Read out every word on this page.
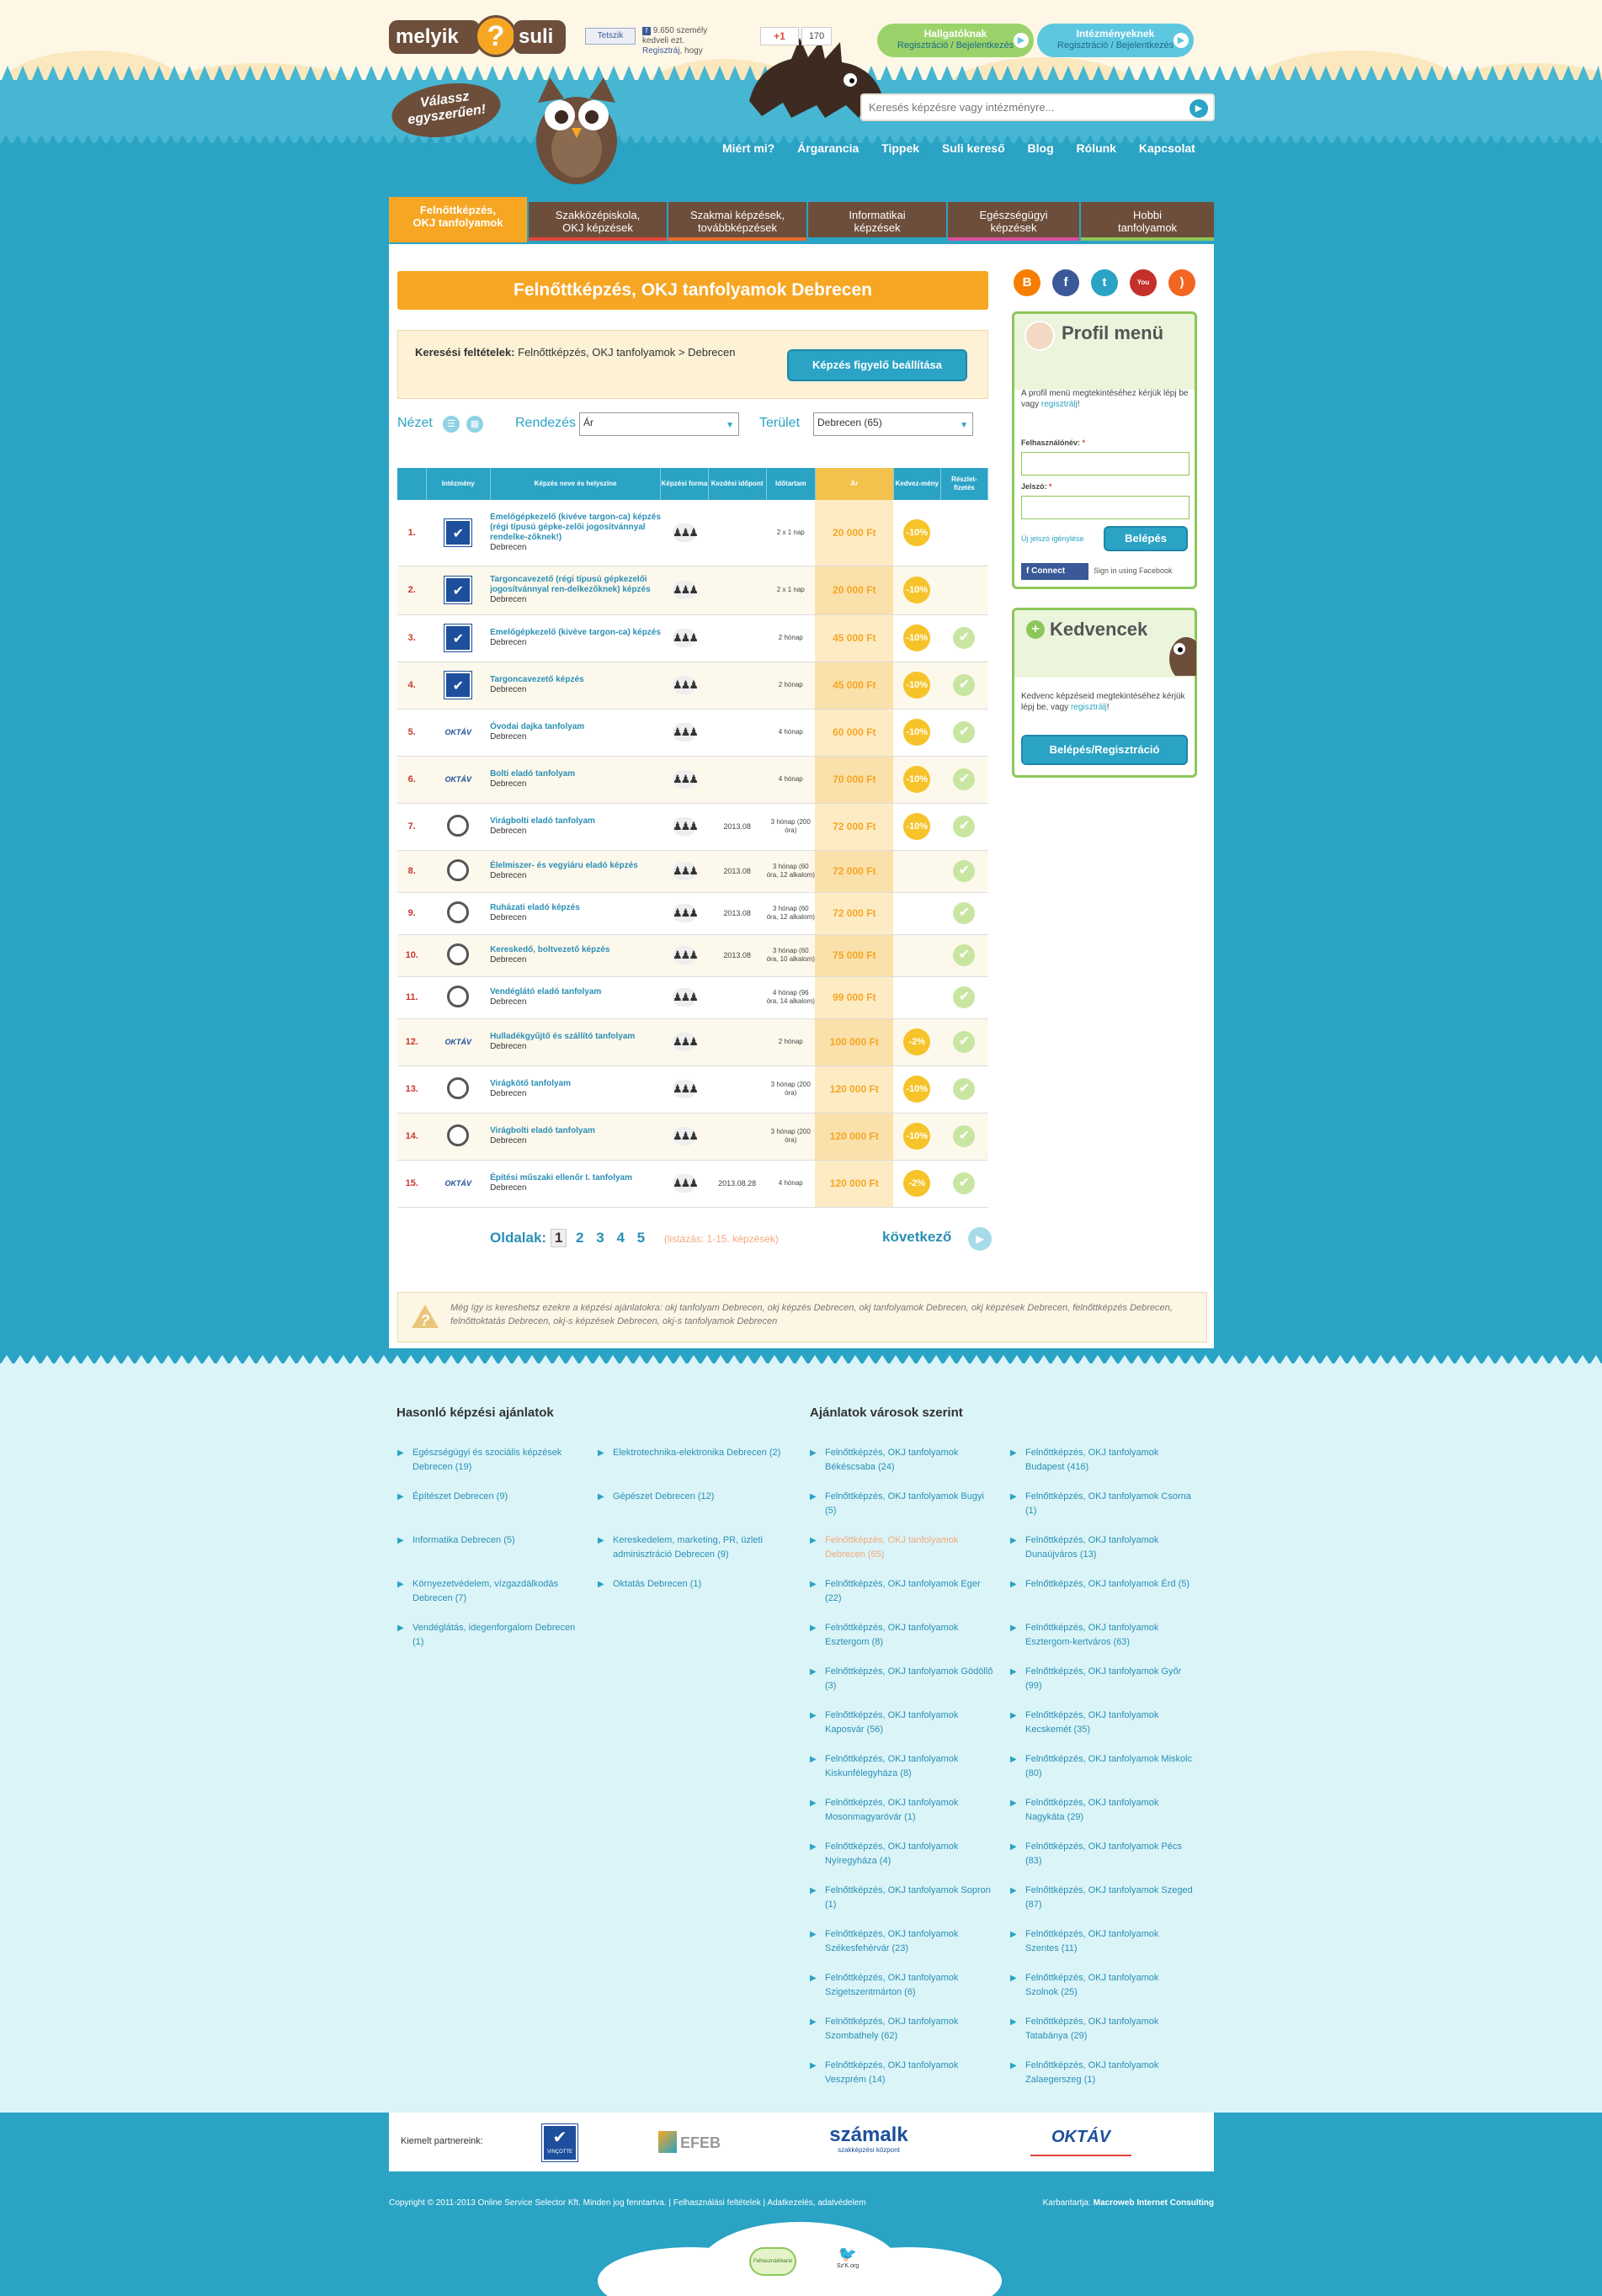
melyik ? suli
Válassz egyszerűen!
Tetszik
f 9.650 személy kedveli ezt.
Regisztráj, hogy
+1	170	Hallgatóknak
Regisztráció / Bejelentkezés ▶
Intézményeknek
Regisztráció / Bejelentkezés ▶
Keresés képzésre vagy intézményre...
▶
Miért mi? Árgarancia Tippek Suli kereső Blog Rólunk Kapcsolat
Felnőttképzés,
OKJ tanfolyamok
Szakközépiskola,
OKJ képzések
Szakmai képzések,
továbbképzések
Informatikai
képzések
Egészségügyi
képzések
Hobbi
tanfolyamok
Felnőttképzés, OKJ tanfolyamok Debrecen
Keresési feltételek: Felnőttképzés, OKJ tanfolyamok > Debrecen
Képzés figyelő beállítása
Nézet	☰	▦	Rendezés Ár	▼ Terület	Debrecen (65)	▼
	Intézmény	Képzés neve és helyszíne	Képzési forma	Kezdési időpont	Időtartam	Ár	Kedvez-mény	Részlet-fizetés
1.	✔	Emelőgépkezelő (kivéve targon-ca) képzés (régi típusú gépke-zelői jogosítvánnyal rendelke-zőknek!)
Debrecen	♟♟♟		2 x 1 nap	20 000 Ft	-10%	
2.	✔	Targoncavezető (régi típusú gépkezelői jogosítvánnyal ren-delkezőknek) képzés
Debrecen	♟♟♟		2 x 1 nap	20 000 Ft	-10%	
3.	✔	Emelőgépkezelő (kivéve targon-ca) képzés
Debrecen	♟♟♟		2 hónap	45 000 Ft	-10%	✔
4.	✔	Targoncavezető képzés
Debrecen	♟♟♟		2 hónap	45 000 Ft	-10%	✔
5.	OKTÁV	Óvodai dajka tanfolyam
Debrecen	♟♟♟		4 hónap	60 000 Ft	-10%	✔
6.	OKTÁV	Bolti eladó tanfolyam
Debrecen	♟♟♟		4 hónap	70 000 Ft	-10%	✔
7.		Virágbolti eladó tanfolyam
Debrecen	♟♟♟	2013.08	3 hónap (200 óra)	72 000 Ft	-10%	✔
8.		Élelmiszer- és vegyiáru eladó képzés
Debrecen	♟♟♟	2013.08	3 hónap (60 óra, 12 alkalom)	72 000 Ft		✔
9.		Ruházati eladó képzés
Debrecen	♟♟♟	2013.08	3 hónap (60 óra, 12 alkalom)	72 000 Ft		✔
10.		Kereskedő, boltvezető képzés
Debrecen	♟♟♟	2013.08	3 hónap (60 óra, 10 alkalom)	75 000 Ft		✔
11.		Vendéglátó eladó tanfolyam
Debrecen	♟♟♟		4 hónap (96 óra, 14 alkalom)	99 000 Ft		✔
12.	OKTÁV	Hulladékgyűjtő és szállító tanfolyam
Debrecen	♟♟♟		2 hónap	100 000 Ft	-2%	✔
13.		Virágkötő tanfolyam
Debrecen	♟♟♟		3 hónap (200 óra)	120 000 Ft	-10%	✔
14.		Virágbolti eladó tanfolyam
Debrecen	♟♟♟		3 hónap (200 óra)	120 000 Ft	-10%	✔
15.	OKTÁV	Építési műszaki ellenőr I. tanfolyam
Debrecen	♟♟♟	2013.08.28	4 hónap	120 000 Ft	-2%	✔
Oldalak: 1 2 3 4 5 (listázás: 1-15. képzések)	következő	▶
?
Még így is kereshetsz ezekre a képzési ajánlatokra: okj tanfolyam Debrecen, okj képzés Debrecen, okj tanfolyamok Debrecen, okj képzések Debrecen, felnőttképzés Debrecen, felnőttoktatás Debrecen, okj-s képzések Debrecen, okj-s tanfolyamok Debrecen
B	f	t	You	)
Profil menü
A profil menü megtekintéséhez kérjük lépj be vagy regisztrálj!
Felhasználónév: *
Jelszó: *
Új jelszó igénylése	Belépés
f Connect	Sign in using Facebook
+ Kedvencek
Kedvenc képzéseid megtekintéséhez kérjük lépj be, vagy regisztrálj!
Belépés/Regisztráció
Hasonló képzési ajánlatok	Ajánlatok városok szerint
▶ Egészségügyi és szociális képzések Debrecen (19)
▶ Építészet Debrecen (9)
▶ Informatika Debrecen (5)
▶ Környezetvédelem, vízgazdálkodás Debrecen (7)
▶ Vendéglátás, idegenforgalom Debrecen (1)
▶ Elektrotechnika-elektronika Debrecen (2)
▶ Gépészet Debrecen (12)
▶ Kereskedelem, marketing, PR, üzleti adminisztráció Debrecen (9)
▶ Oktatás Debrecen (1)
▶ Felnőttképzés, OKJ tanfolyamok Békéscsaba (24)
▶ Felnőttképzés, OKJ tanfolyamok Bugyi (5)
▶ Felnőttképzés, OKJ tanfolyamok Debrecen (65)
▶ Felnőttképzés, OKJ tanfolyamok Eger (22)
▶ Felnőttképzés, OKJ tanfolyamok Esztergom (8)
▶ Felnőttképzés, OKJ tanfolyamok Gödöllő (3)
▶ Felnőttképzés, OKJ tanfolyamok Kaposvár (56)
▶ Felnőttképzés, OKJ tanfolyamok Kiskunfélegyháza (8)
▶ Felnőttképzés, OKJ tanfolyamok Mosonmagyaróvár (1)
▶ Felnőttképzés, OKJ tanfolyamok Nyíregyháza (4)
▶ Felnőttképzés, OKJ tanfolyamok Sopron (1)
▶ Felnőttképzés, OKJ tanfolyamok Székesfehérvár (23)
▶ Felnőttképzés, OKJ tanfolyamok Szigetszentmárton (6)
▶ Felnőttképzés, OKJ tanfolyamok Szombathely (62)
▶ Felnőttképzés, OKJ tanfolyamok Veszprém (14)
▶ Felnőttképzés, OKJ tanfolyamok Budapest (416)
▶ Felnőttképzés, OKJ tanfolyamok Csorna (1)
▶ Felnőttképzés, OKJ tanfolyamok Dunaújváros (13)
▶ Felnőttképzés, OKJ tanfolyamok Érd (5)
▶ Felnőttképzés, OKJ tanfolyamok Esztergom-kertváros (63)
▶ Felnőttképzés, OKJ tanfolyamok Győr (99)
▶ Felnőttképzés, OKJ tanfolyamok Kecskemét (35)
▶ Felnőttképzés, OKJ tanfolyamok Miskolc (80)
▶ Felnőttképzés, OKJ tanfolyamok Nagykáta (29)
▶ Felnőttképzés, OKJ tanfolyamok Pécs (83)
▶ Felnőttképzés, OKJ tanfolyamok Szeged (87)
▶ Felnőttképzés, OKJ tanfolyamok Szentes (11)
▶ Felnőttképzés, OKJ tanfolyamok Szolnok (25)
▶ Felnőttképzés, OKJ tanfolyamok Tatabánya (29)
▶ Felnőttképzés, OKJ tanfolyamok Zalaegerszeg (1)
Kiemelt partnereink:	✔
VINÇOTTE
EFEB	számalk
szakképzési központ
OKTÁV
Copyright © 2011-2013 Online Service Selector Kft. Minden jog fenntartva. | Felhasználási feltételek | Adatkezelés, adatvédelem	Karbantartja: Macroweb Internet Consulting
Felhasználóbarát	🐦
Sz'K.org
